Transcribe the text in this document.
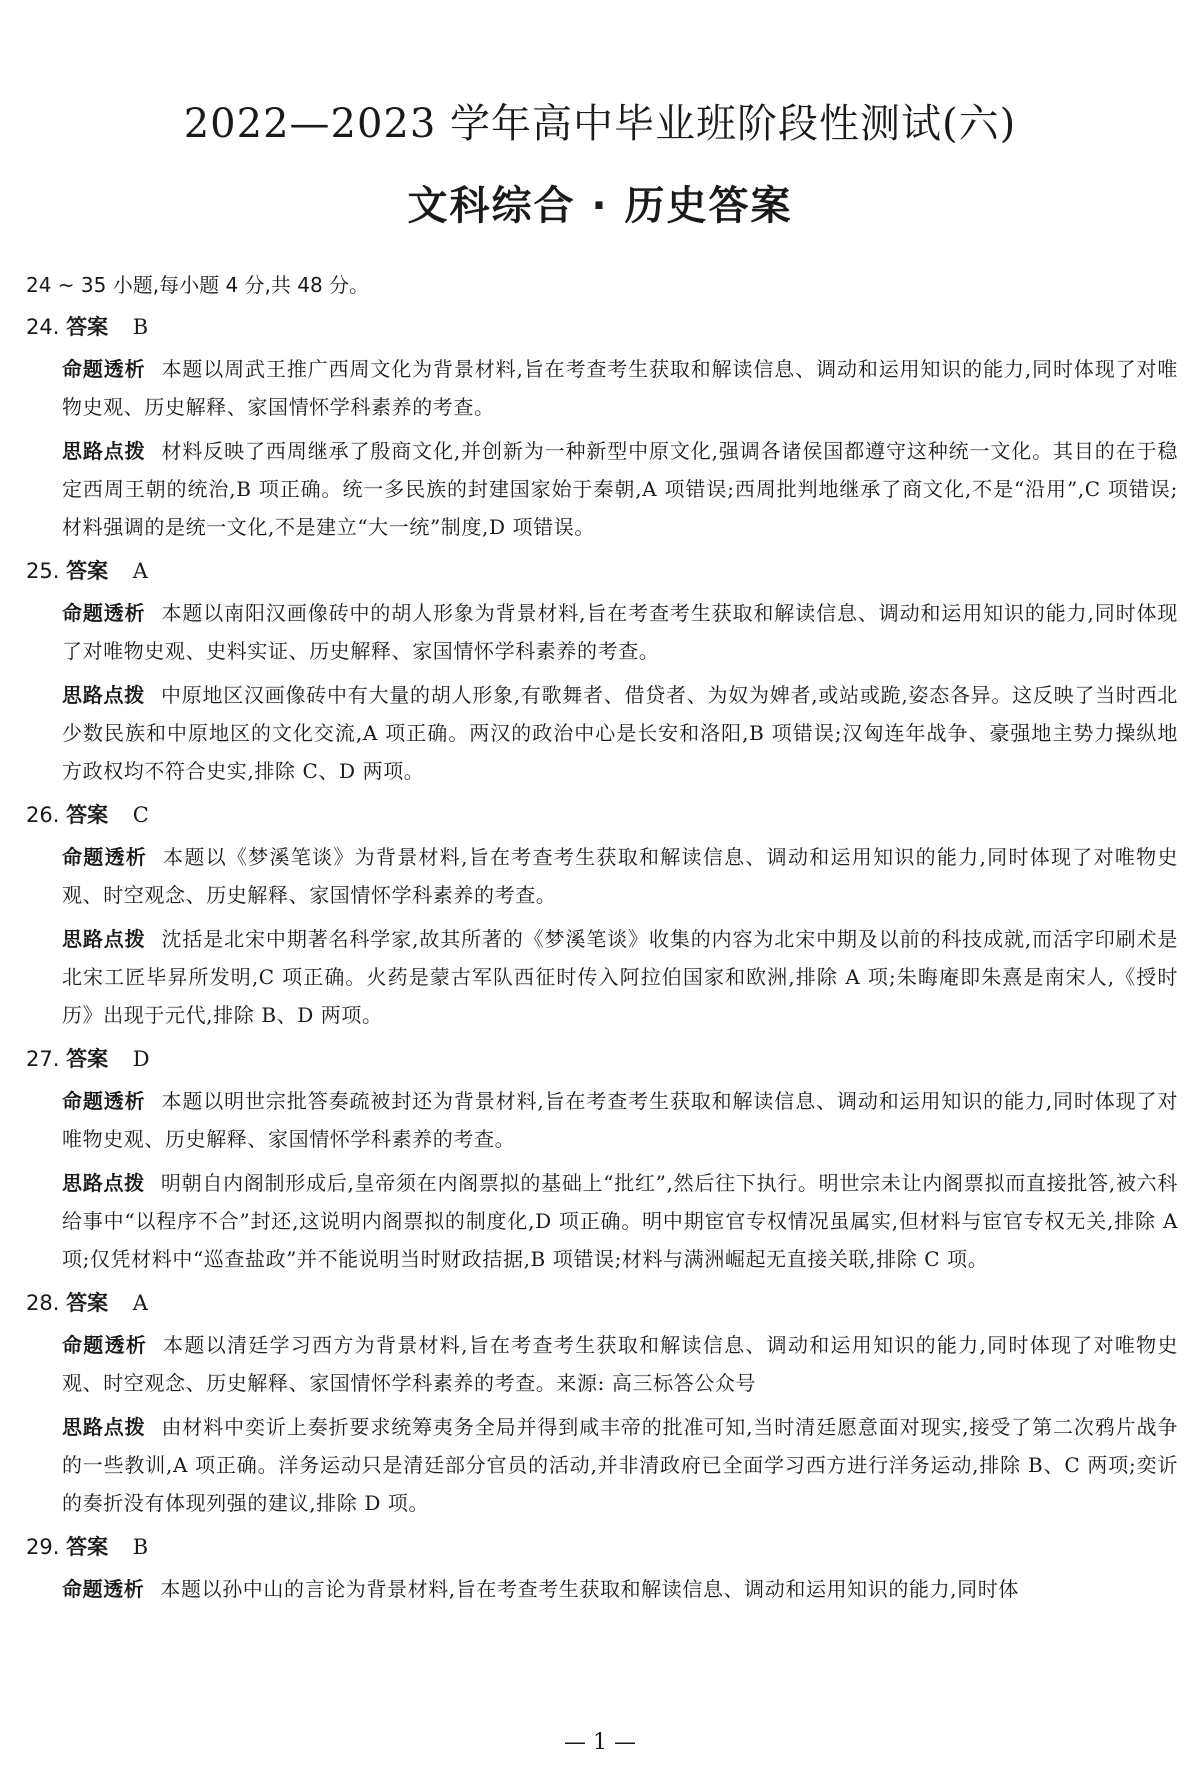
2022—2023 学年高中毕业班阶段性测试(六)
文科综合 · 历史答案
24 ~ 35 小题,每小题 4 分,共 48 分。
24. 答案 B

命题透析 本题以周武王推广西周文化为背景材料,旨在考查考生获取和解读信息、调动和运用知识的能力,同时体现了对唯物史观、历史解释、家国情怀学科素养的考查。

思路点拨 材料反映了西周继承了殷商文化,并创新为一种新型中原文化,强调各诸侯国都遵守这种统一文化。其目的在于稳定西周王朝的统治,B 项正确。统一多民族的封建国家始于秦朝,A 项错误;西周批判地继承了商文化,不是“沿用”,C 项错误;材料强调的是统一文化,不是建立“大一统”制度,D 项错误。

25. 答案 A

命题透析 本题以南阳汉画像砖中的胡人形象为背景材料,旨在考查考生获取和解读信息、调动和运用知识的能力,同时体现了对唯物史观、史料实证、历史解释、家国情怀学科素养的考查。

思路点拨 中原地区汉画像砖中有大量的胡人形象,有歌舞者、借贷者、为奴为婢者,或站或跪,姿态各异。这反映了当时西北少数民族和中原地区的文化交流,A 项正确。两汉的政治中心是长安和洛阳,B 项错误;汉匈连年战争、豪强地主势力操纵地方政权均不符合史实,排除 C、D 两项。

26. 答案 C

命题透析 本题以《梦溪笔谈》为背景材料,旨在考查考生获取和解读信息、调动和运用知识的能力,同时体现了对唯物史观、时空观念、历史解释、家国情怀学科素养的考查。

思路点拨 沈括是北宋中期著名科学家,故其所著的《梦溪笔谈》收集的内容为北宋中期及以前的科技成就,而活字印刷术是北宋工匠毕昇所发明,C 项正确。火药是蒙古军队西征时传入阿拉伯国家和欧洲,排除 A 项;朱晦庵即朱熹是南宋人,《授时历》出现于元代,排除 B、D 两项。

27. 答案 D

命题透析 本题以明世宗批答奏疏被封还为背景材料,旨在考查考生获取和解读信息、调动和运用知识的能力,同时体现了对唯物史观、历史解释、家国情怀学科素养的考查。

思路点拨 明朝自内阁制形成后,皇帝须在内阁票拟的基础上“批红”,然后往下执行。明世宗未让内阁票拟而直接批答,被六科给事中“以程序不合”封还,这说明内阁票拟的制度化,D 项正确。明中期宦官专权情况虽属实,但材料与宦官专权无关,排除 A 项;仅凭材料中“巡查盐政”并不能说明当时财政拮据,B 项错误;材料与满洲崛起无直接关联,排除 C 项。

28. 答案 A

命题透析 本题以清廷学习西方为背景材料,旨在考查考生获取和解读信息、调动和运用知识的能力,同时体现了对唯物史观、时空观念、历史解释、家国情怀学科素养的考查。来源: 高三标答公众号

思路点拨 由材料中奕䜣上奏折要求统筹夷务全局并得到咸丰帝的批准可知,当时清廷愿意面对现实,接受了第二次鸦片战争的一些教训,A 项正确。洋务运动只是清廷部分官员的活动,并非清政府已全面学习西方进行洋务运动,排除 B、C 两项;奕䜣的奏折没有体现列强的建议,排除 D 项。

29. 答案 B

命题透析 本题以孙中山的言论为背景材料,旨在考查考生获取和解读信息、调动和运用知识的能力,同时体

— 1 —
